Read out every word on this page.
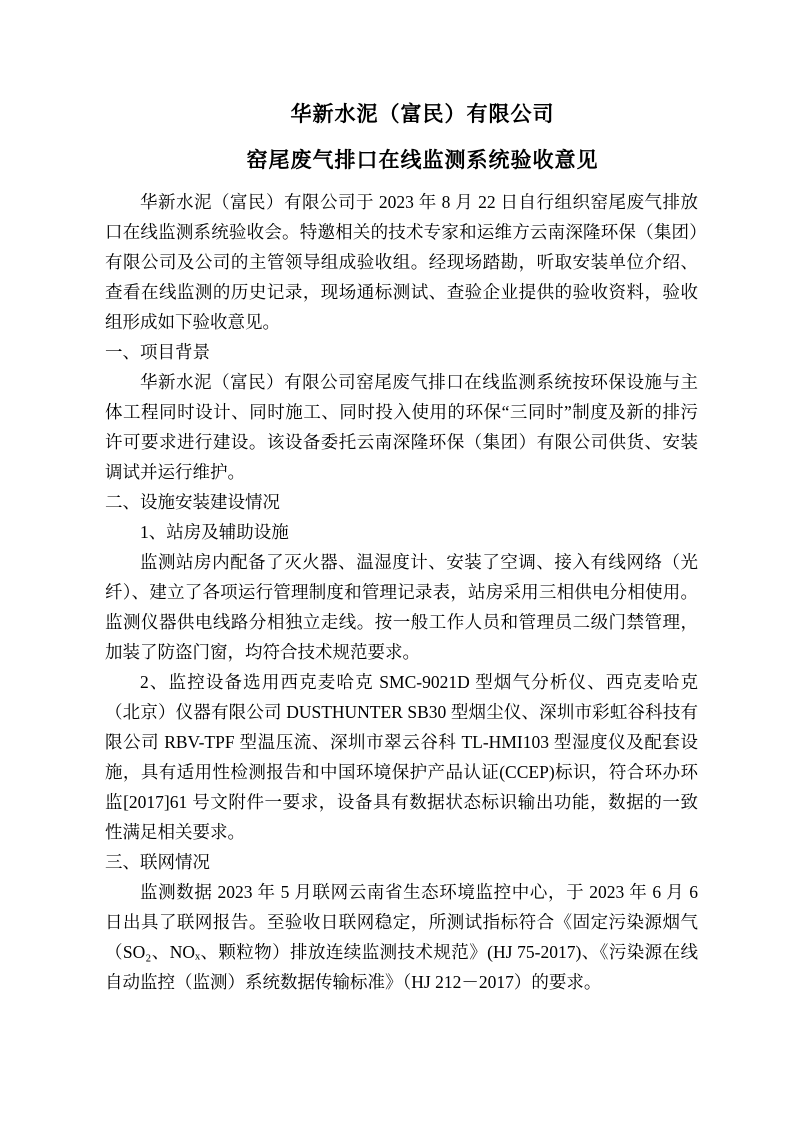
华新水泥（富民）有限公司
窑尾废气排口在线监测系统验收意见

华新水泥（富民）有限公司于 2023 年 8 月 22 日自行组织窑尾废气排放口在线监测系统验收会。特邀相关的技术专家和运维方云南深隆环保（集团）有限公司及公司的主管领导组成验收组。经现场踏勘，听取安装单位介绍、查看在线监测的历史记录，现场通标测试、查验企业提供的验收资料，验收组形成如下验收意见。

一、项目背景

华新水泥（富民）有限公司窑尾废气排口在线监测系统按环保设施与主体工程同时设计、同时施工、同时投入使用的环保“三同时”制度及新的排污许可要求进行建设。该设备委托云南深隆环保（集团）有限公司供货、安装调试并运行维护。

二、设施安装建设情况

1、站房及辅助设施

监测站房内配备了灭火器、温湿度计、安装了空调、接入有线网络（光纤）、建立了各项运行管理制度和管理记录表，站房采用三相供电分相使用。监测仪器供电线路分相独立走线。按一般工作人员和管理员二级门禁管理，加装了防盗门窗，均符合技术规范要求。

2、监控设备选用西克麦哈克 SMC-9021D 型烟气分析仪、西克麦哈克（北京）仪器有限公司 DUSTHUNTER SB30 型烟尘仪、深圳市彩虹谷科技有限公司 RBV-TPF 型温压流、深圳市翠云谷科 TL-HMI103 型湿度仪及配套设施，具有适用性检测报告和中国环境保护产品认证(CCEP)标识，符合环办环监[2017]61 号文附件一要求，设备具有数据状态标识输出功能，数据的一致性满足相关要求。

三、联网情况

监测数据 2023 年 5 月联网云南省生态环境监控中心，于 2023 年 6 月 6 日出具了联网报告。至验收日联网稳定，所测试指标符合《固定污染源烟气（SO₂、NOₓ、颗粒物）排放连续监测技术规范》(HJ 75-2017)、《污染源在线自动监控（监测）系统数据传输标准》（HJ 212－2017）的要求。
